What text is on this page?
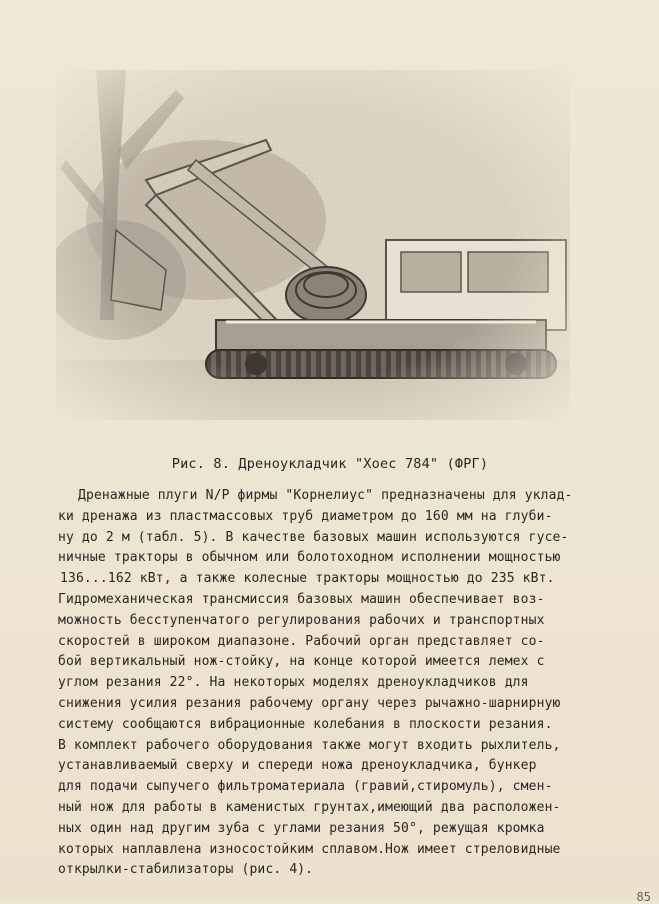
Рис. 8. Дреноукладчик "Хоес 784" (ФРГ)
Дренажные плуги N/P фирмы "Корнелиус" предназначены для уклад-
ки дренажа из пластмассовых труб диаметром до 160 мм на глуби-
ну до 2 м (табл. 5). В качестве базовых машин используются гусе-
ничные тракторы в обычном или болотоходном исполнении мощностью
136...162 кВт, а также колесные тракторы мощностью до 235 кВт.
Гидромеханическая трансмиссия базовых машин обеспечивает воз-
можность бесступенчатого регулирования рабочих и транспортных
скоростей в широком диапазоне. Рабочий орган представляет со-
бой вертикальный нож-стойку, на конце которой имеется лемех с
углом резания 22°. На некоторых моделях дреноукладчиков для
снижения усилия резания рабочему органу через рычажно-шарнирную
систему сообщаются вибрационные колебания в плоскости резания.
В комплект рабочего оборудования также могут входить рыхлитель,
устанавливаемый сверху и спереди ножа дреноукладчика, бункер
для подачи сыпучего фильтроматериала (гравий,стиромуль), смен-
ный нож для работы в каменистых грунтах,имеющий два расположен-
ных один над другим зуба с углами резания 50°, режущая кромка
которых наплавлена износостойким сплавом.Нож имеет стреловидные
открылки-стабилизаторы (рис. 4).
85
